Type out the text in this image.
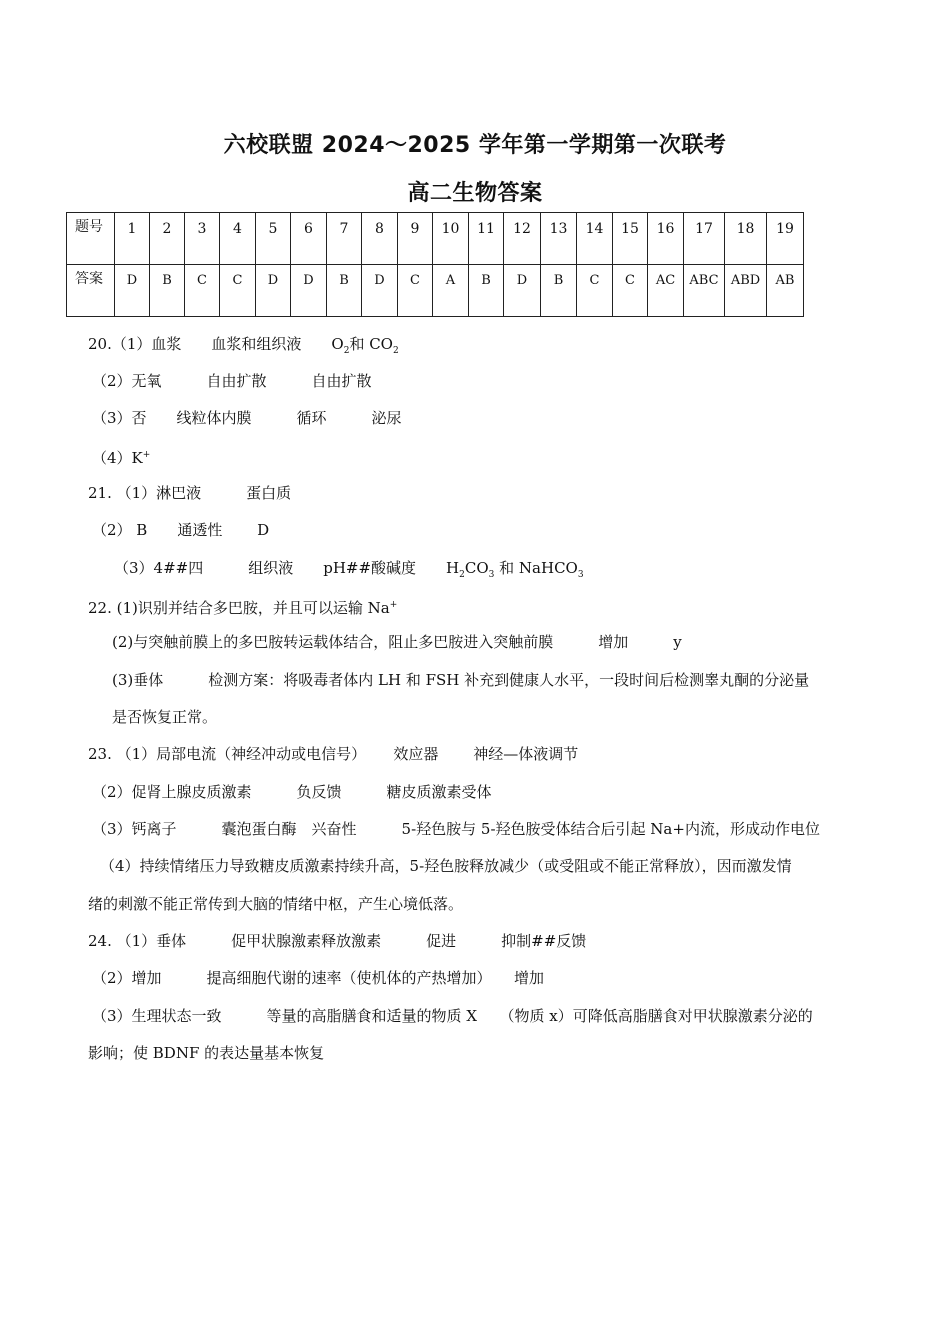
六校联盟 2024～2025 学年第一学期第一次联考
高二生物答案
题号	1	2	3	4	5	6	7	8	9	10	11	12	13	14	15	16	17	18	19
答案	D	B	C	C	D	D	B	D	C	A	B	D	B	C	C	AC	ABC	ABD	AB
20.（1）血浆　　血浆和组织液　　$O_2$和 $CO_2$
（2）无氧　　　自由扩散　　　自由扩散
（3）否　　线粒体内膜　　　循环　　　泌尿
（4）K+
21. （1）淋巴液　　　蛋白质
（2） B　　通透性　　 D
（3）4##四　　　组织液　　pH##酸碱度　　$H_2CO_3$ 和 NaHCO$_3$
22. (1)识别并结合多巴胺，并且可以运输 Na+
(2)与突触前膜上的多巴胺转运载体结合，阻止多巴胺进入突触前膜　　　增加　　　y
(3)垂体　　　检测方案：将吸毒者体内 LH 和 FSH 补充到健康人水平，一段时间后检测睾丸酮的分泌量
是否恢复正常。
23. （1）局部电流（神经冲动或电信号）　　 效应器　　 神经—体液调节
（2）促肾上腺皮质激素　　　负反馈　　　糖皮质激素受体
（3）钙离子　　　囊泡蛋白酶　兴奋性　　　5-羟色胺与 5-羟色胺受体结合后引起 Na+内流，形成动作电位
（4）持续情绪压力导致糖皮质激素持续升高，5-羟色胺释放减少（或受阻或不能正常释放），因而激发情
绪的刺激不能正常传到大脑的情绪中枢，产生心境低落。
24. （1）垂体　　　促甲状腺激素释放激素　　　促进　　　抑制##反馈
（2）增加　　　提高细胞代谢的速率（使机体的产热增加）　　增加
（3）生理状态一致　　　等量的高脂膳食和适量的物质 X　　（物质 x）可降低高脂膳食对甲状腺激素分泌的
影响；使 BDNF 的表达量基本恢复
